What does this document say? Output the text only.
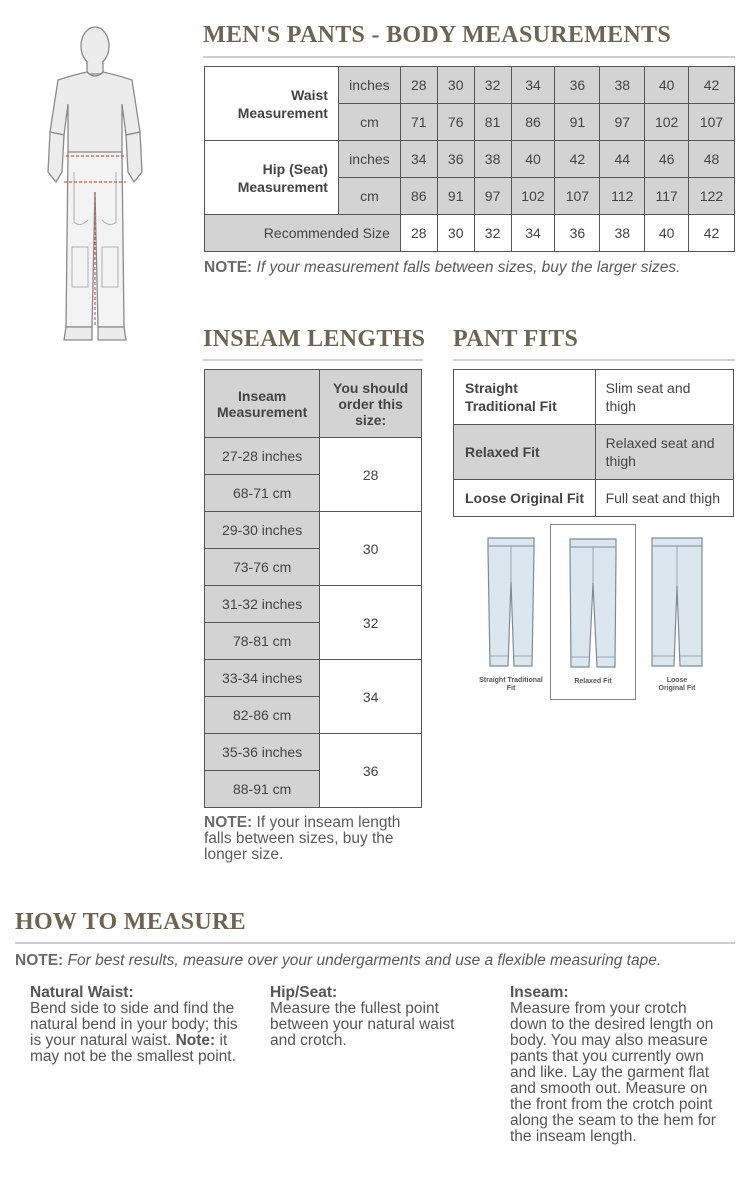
MEN'S PANTS - BODY MEASUREMENTS
Waist Measurement	inches	28	30	32	34	36	38	40	42
	cm	71	76	81	86	91	97	102	107
Hip (Seat) Measurement	inches	34	36	38	40	42	44	46	48
	cm	86	91	97	102	107	112	117	122
Recommended Size		28	30	32	34	36	38	40	42
NOTE: If your measurement falls between sizes, buy the larger sizes.
INSEAM LENGTHS
Inseam Measurement	You should order this size:
27-28 inches	28
68-71 cm	
29-30 inches	30
73-76 cm	
31-32 inches	32
78-81 cm	
33-34 inches	34
82-86 cm	
35-36 inches	36
88-91 cm	
NOTE: If your inseam length falls between sizes, buy the longer size.
PANT FITS
Straight Traditional Fit	Slim seat and thigh
Relaxed Fit	Relaxed seat and thigh
Loose Original Fit	Full seat and thigh
Straight Traditional Fit
Relaxed Fit	Loose Original Fit
HOW TO MEASURE
NOTE: For best results, measure over your undergarments and use a flexible measuring tape.
Natural Waist:
Bend side to side and find the natural bend in your body; this is your natural waist. Note: it may not be the smallest point.
Hip/Seat:
Measure the fullest point between your natural waist and crotch.
Inseam:
Measure from your crotch down to the desired length on body. You may also measure pants that you currently own and like. Lay the garment flat and smooth out. Measure on the front from the crotch point along the seam to the hem for the inseam length.
